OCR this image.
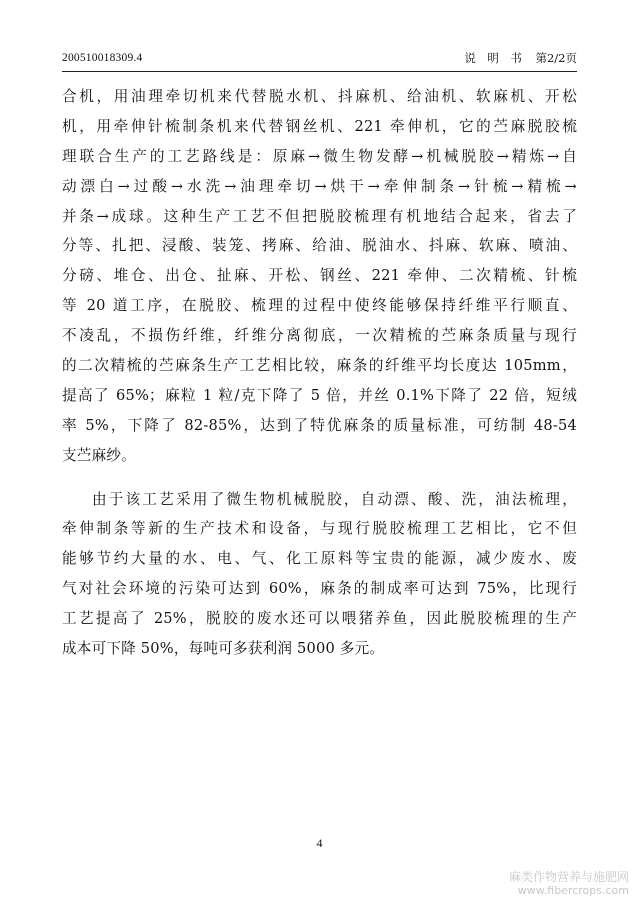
200510018309.4	说　明　书 第2/2页
合机，用油理牵切机来代替脱水机、抖麻机、给油机、软麻机、开松
机，用牵伸针梳制条机来代替钢丝机、221 牵伸机，它的苎麻脱胶梳
理联合生产的工艺路线是：原麻→微生物发酵→机械脱胶→精炼→自
动漂白→过酸→水洗→油理牵切→烘干→牵伸制条→针梳→精梳→
并条→成球。这种生产工艺不但把脱胶梳理有机地结合起来，省去了
分等、扎把、浸酸、装笼、拷麻、给油、脱油水、抖麻、软麻、喷油、
分磅、堆仓、出仓、扯麻、开松、钢丝、221 牵伸、二次精梳、针梳
等 20 道工序，在脱胶、梳理的过程中使终能够保持纤维平行顺直、
不凌乱，不损伤纤维，纤维分离彻底，一次精梳的苎麻条质量与现行
的二次精梳的苎麻条生产工艺相比较，麻条的纤维平均长度达 105mm，
提高了 65%；麻粒 1 粒/克下降了 5 倍，并丝 0.1%下降了 22 倍，短绒
率 5%，下降了 82-85%，达到了特优麻条的质量标准，可纺制 48-54
支苎麻纱。
由于该工艺采用了微生物机械脱胶，自动漂、酸、洗，油法梳理，
牵伸制条等新的生产技术和设备，与现行脱胶梳理工艺相比，它不但
能够节约大量的水、电、气、化工原料等宝贵的能源，减少废水、废
气对社会环境的污染可达到 60%，麻条的制成率可达到 75%，比现行
工艺提高了 25%，脱胶的废水还可以喂猪养鱼，因此脱胶梳理的生产
成本可下降 50%，每吨可多获利润 5000 多元。
4
麻类作物营养与施肥网
www.fibercrops.com
